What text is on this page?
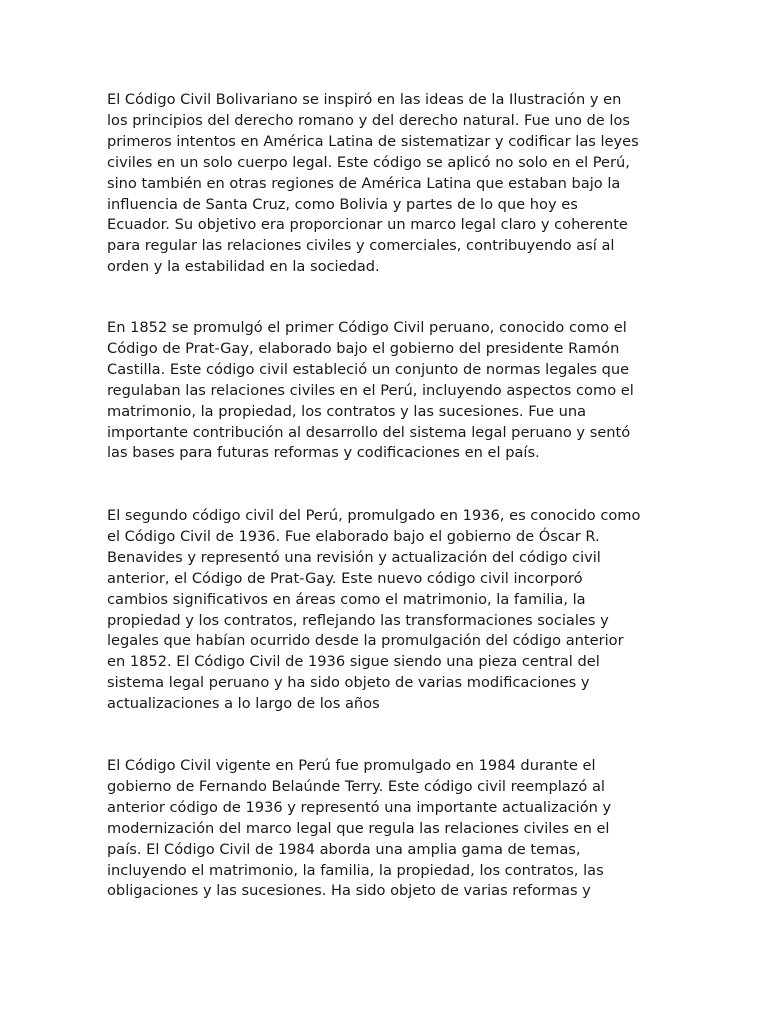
El Código Civil Bolivariano se inspiró en las ideas de la Ilustración y en
los principios del derecho romano y del derecho natural. Fue uno de los
primeros intentos en América Latina de sistematizar y codificar las leyes
civiles en un solo cuerpo legal. Este código se aplicó no solo en el Perú,
sino también en otras regiones de América Latina que estaban bajo la
influencia de Santa Cruz, como Bolivia y partes de lo que hoy es
Ecuador. Su objetivo era proporcionar un marco legal claro y coherente
para regular las relaciones civiles y comerciales, contribuyendo así al
orden y la estabilidad en la sociedad.

En 1852 se promulgó el primer Código Civil peruano, conocido como el
Código de Prat-Gay, elaborado bajo el gobierno del presidente Ramón
Castilla. Este código civil estableció un conjunto de normas legales que
regulaban las relaciones civiles en el Perú, incluyendo aspectos como el
matrimonio, la propiedad, los contratos y las sucesiones. Fue una
importante contribución al desarrollo del sistema legal peruano y sentó
las bases para futuras reformas y codificaciones en el país.

El segundo código civil del Perú, promulgado en 1936, es conocido como
el Código Civil de 1936. Fue elaborado bajo el gobierno de Óscar R.
Benavides y representó una revisión y actualización del código civil
anterior, el Código de Prat-Gay. Este nuevo código civil incorporó
cambios significativos en áreas como el matrimonio, la familia, la
propiedad y los contratos, reflejando las transformaciones sociales y
legales que habían ocurrido desde la promulgación del código anterior
en 1852. El Código Civil de 1936 sigue siendo una pieza central del
sistema legal peruano y ha sido objeto de varias modificaciones y
actualizaciones a lo largo de los años

El Código Civil vigente en Perú fue promulgado en 1984 durante el
gobierno de Fernando Belaúnde Terry. Este código civil reemplazó al
anterior código de 1936 y representó una importante actualización y
modernización del marco legal que regula las relaciones civiles en el
país. El Código Civil de 1984 aborda una amplia gama de temas,
incluyendo el matrimonio, la familia, la propiedad, los contratos, las
obligaciones y las sucesiones. Ha sido objeto de varias reformas y
